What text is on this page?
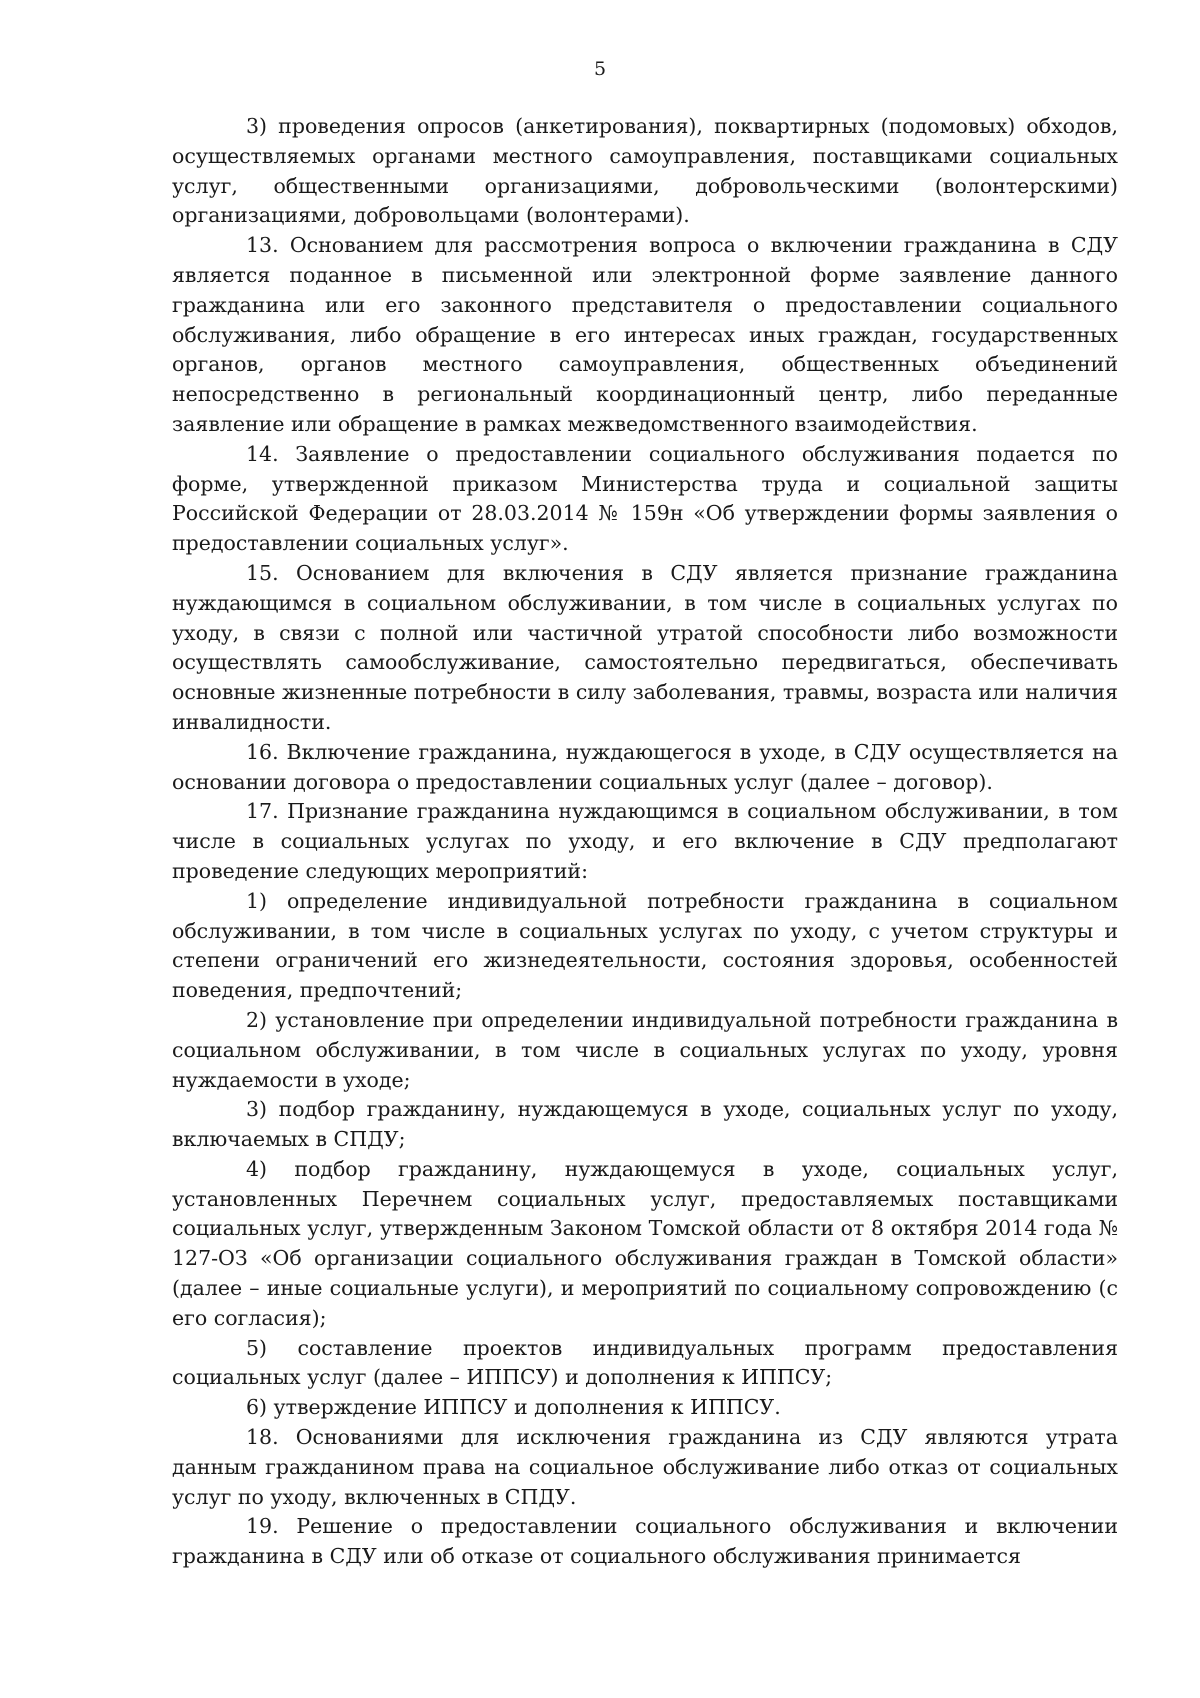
5

3) проведения опросов (анкетирования), поквартирных (подомовых) обходов, осуществляемых органами местного самоуправления, поставщиками социальных услуг, общественными организациями, добровольческими (волонтерскими) организациями, добровольцами (волонтерами).

13. Основанием для рассмотрения вопроса о включении гражданина в СДУ является поданное в письменной или электронной форме заявление данного гражданина или его законного представителя о предоставлении социального обслуживания, либо обращение в его интересах иных граждан, государственных органов, органов местного самоуправления, общественных объединений непосредственно в региональный координационный центр, либо переданные заявление или обращение в рамках межведомственного взаимодействия.

14. Заявление о предоставлении социального обслуживания подается по форме, утвержденной приказом Министерства труда и социальной защиты Российской Федерации от 28.03.2014 № 159н «Об утверждении формы заявления о предоставлении социальных услуг».

15. Основанием для включения в СДУ является признание гражданина нуждающимся в социальном обслуживании, в том числе в социальных услугах по уходу, в связи с полной или частичной утратой способности либо возможности осуществлять самообслуживание, самостоятельно передвигаться, обеспечивать основные жизненные потребности в силу заболевания, травмы, возраста или наличия инвалидности.

16. Включение гражданина, нуждающегося в уходе, в СДУ осуществляется на основании договора о предоставлении социальных услуг (далее – договор).

17. Признание гражданина нуждающимся в социальном обслуживании, в том числе в социальных услугах по уходу, и его включение в СДУ предполагают проведение следующих мероприятий:

1) определение индивидуальной потребности гражданина в социальном обслуживании, в том числе в социальных услугах по уходу, с учетом структуры и степени ограничений его жизнедеятельности, состояния здоровья, особенностей поведения, предпочтений;

2) установление при определении индивидуальной потребности гражданина в социальном обслуживании, в том числе в социальных услугах по уходу, уровня нуждаемости в уходе;

3) подбор гражданину, нуждающемуся в уходе, социальных услуг по уходу, включаемых в СПДУ;

4) подбор гражданину, нуждающемуся в уходе, социальных услуг, установленных Перечнем социальных услуг, предоставляемых поставщиками социальных услуг, утвержденным Законом Томской области от 8 октября 2014 года № 127-ОЗ «Об организации социального обслуживания граждан в Томской области» (далее – иные социальные услуги), и мероприятий по социальному сопровождению (с его согласия);

5) составление проектов индивидуальных программ предоставления социальных услуг (далее – ИППСУ) и дополнения к ИППСУ;

6) утверждение ИППСУ и дополнения к ИППСУ.

18. Основаниями для исключения гражданина из СДУ являются утрата данным гражданином права на социальное обслуживание либо отказ от социальных услуг по уходу, включенных в СПДУ.

19. Решение о предоставлении социального обслуживания и включении гражданина в СДУ или об отказе от социального обслуживания принимается
